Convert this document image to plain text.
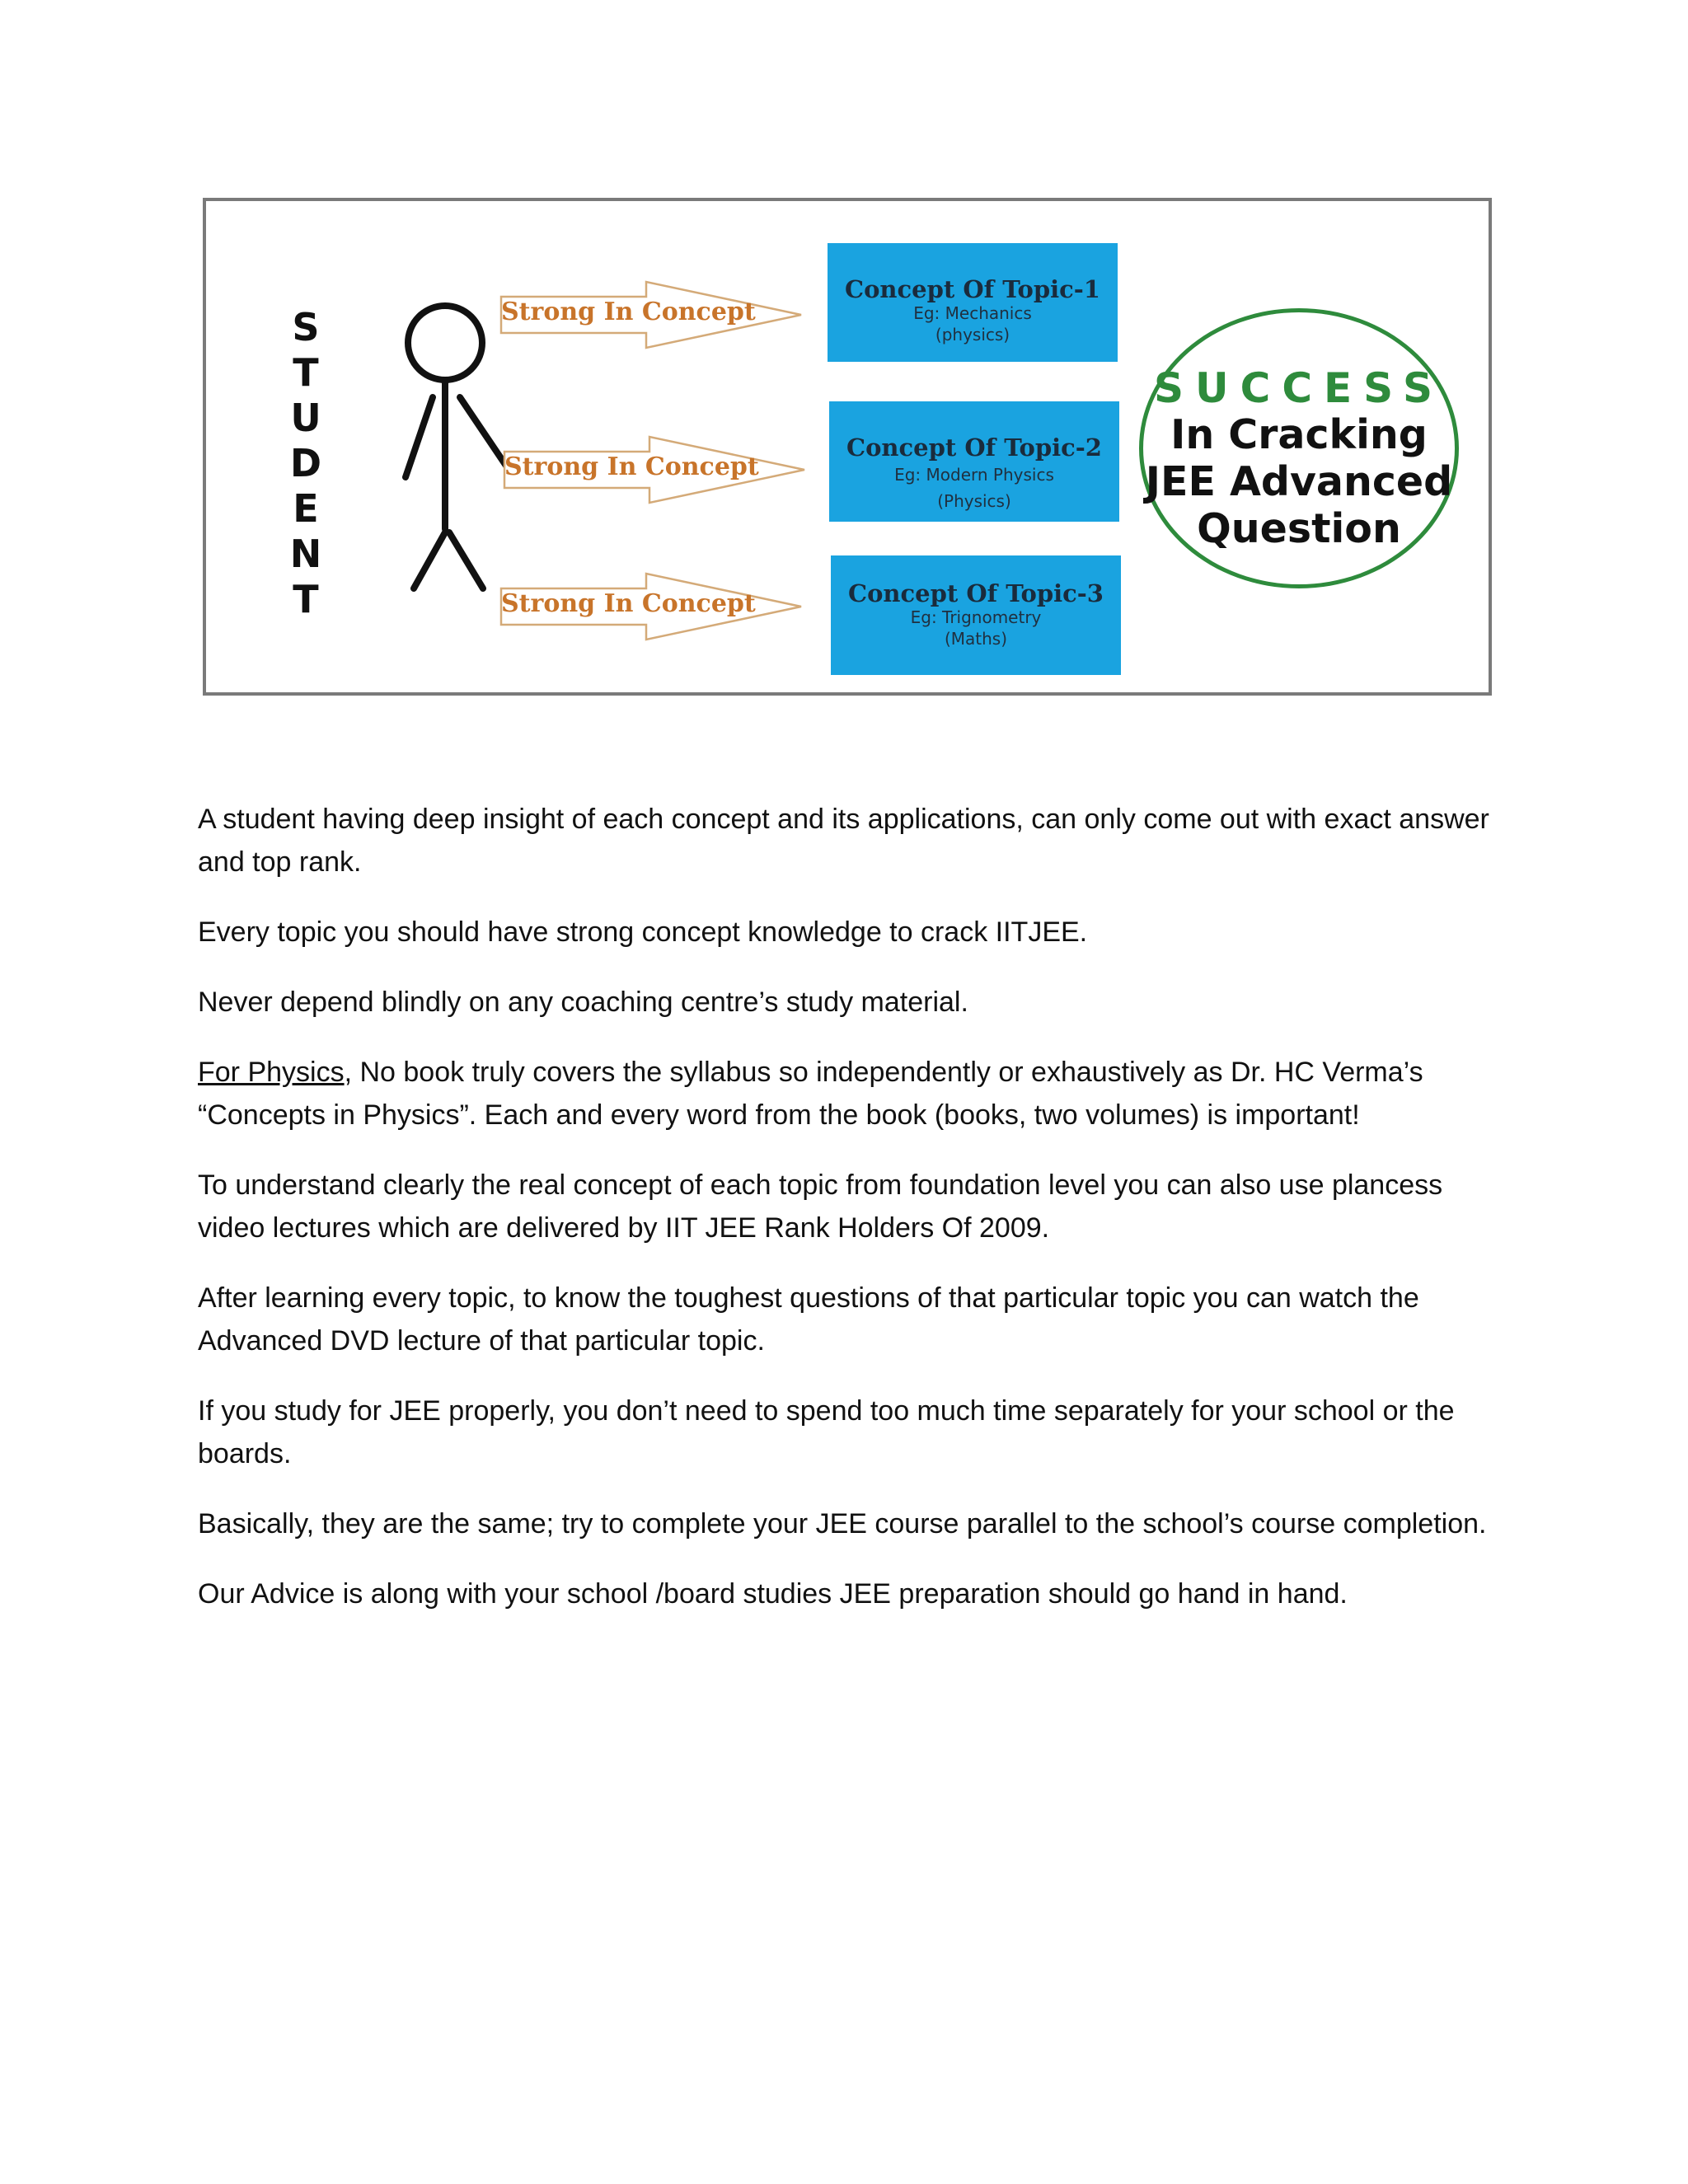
S
T
U
D
E
N
T
Strong In Concept
Strong In Concept
Strong In Concept
Concept Of Topic-1
Eg: Mechanics
(physics)
Concept Of Topic-2
Eg: Modern Physics
(Physics)
Concept Of Topic-3
Eg: Trignometry
(Maths)
SUCCESS
In Cracking
JEE Advanced
Question

A student having deep insight of each concept and its applications, can only come out with exact answer and top rank.

Every topic you should have strong concept knowledge to crack IITJEE.

Never depend blindly on any coaching centre’s study material.

For Physics, No book truly covers the syllabus so independently or exhaustively as Dr. HC Verma’s “Concepts in Physics”. Each and every word from the book (books, two volumes) is important!

To understand clearly the real concept of each topic from foundation level you can also use plancess video lectures which are delivered by IIT JEE Rank Holders Of 2009.

After learning every topic, to know the toughest questions of that particular topic you can watch the Advanced DVD lecture of that particular topic.

If you study for JEE properly, you don’t need to spend too much time separately for your school or the boards.

Basically, they are the same; try to complete your JEE course parallel to the school’s course completion.

Our Advice is along with your school /board studies JEE preparation should go hand in hand.
